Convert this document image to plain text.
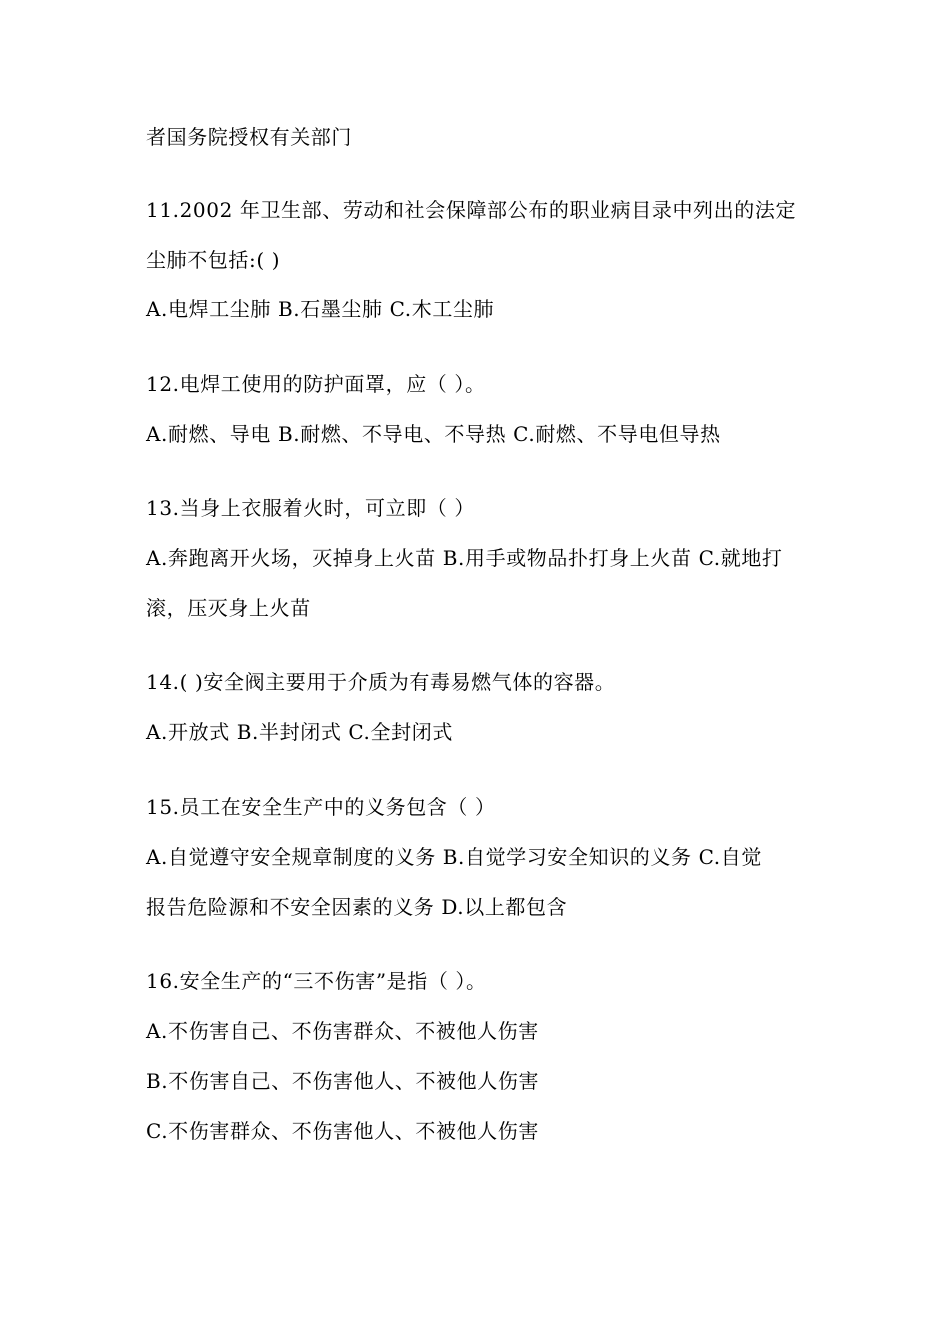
者国务院授权有关部门

11.2002 年卫生部、劳动和社会保障部公布的职业病目录中列出的法定

尘肺不包括:( )

A.电焊工尘肺 B.石墨尘肺 C.木工尘肺

12.电焊工使用的防护面罩，应（ ）。

A.耐燃、导电 B.耐燃、不导电、不导热 C.耐燃、不导电但导热

13.当身上衣服着火时，可立即（ ）

A.奔跑离开火场，灭掉身上火苗 B.用手或物品扑打身上火苗 C.就地打

滚，压灭身上火苗

14.( )安全阀主要用于介质为有毒易燃气体的容器。

A.开放式 B.半封闭式 C.全封闭式

15.员工在安全生产中的义务包含（ ）

A.自觉遵守安全规章制度的义务 B.自觉学习安全知识的义务 C.自觉

报告危险源和不安全因素的义务 D.以上都包含

16.安全生产的“三不伤害”是指（ ）。

A.不伤害自己、不伤害群众、不被他人伤害

B.不伤害自己、不伤害他人、不被他人伤害

C.不伤害群众、不伤害他人、不被他人伤害
